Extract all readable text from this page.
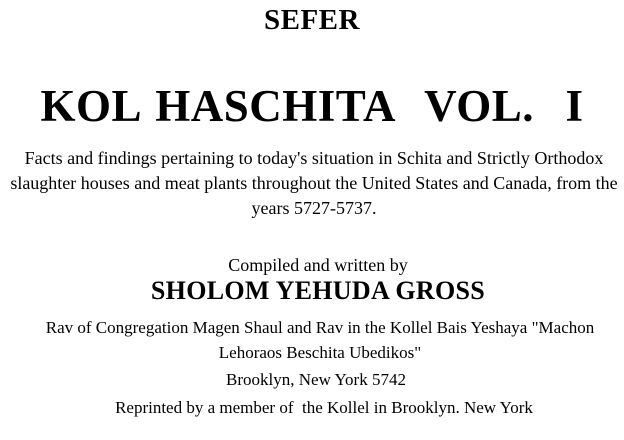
SEFER
KOL HASCHITA  VOL.  I
Facts and findings pertaining to today's situation in Schita and Strictly Orthodox slaughter houses and meat plants throughout the United States and Canada, from the years 5727-5737.
Compiled and written by
SHOLOM YEHUDA GROSS
Rav of Congregation Magen Shaul and Rav in the Kollel Bais Yeshaya "Machon Lehoraos Beschita Ubedikos"
Brooklyn, New York 5742
Reprinted by a member of  the Kollel in Brooklyn. New York
